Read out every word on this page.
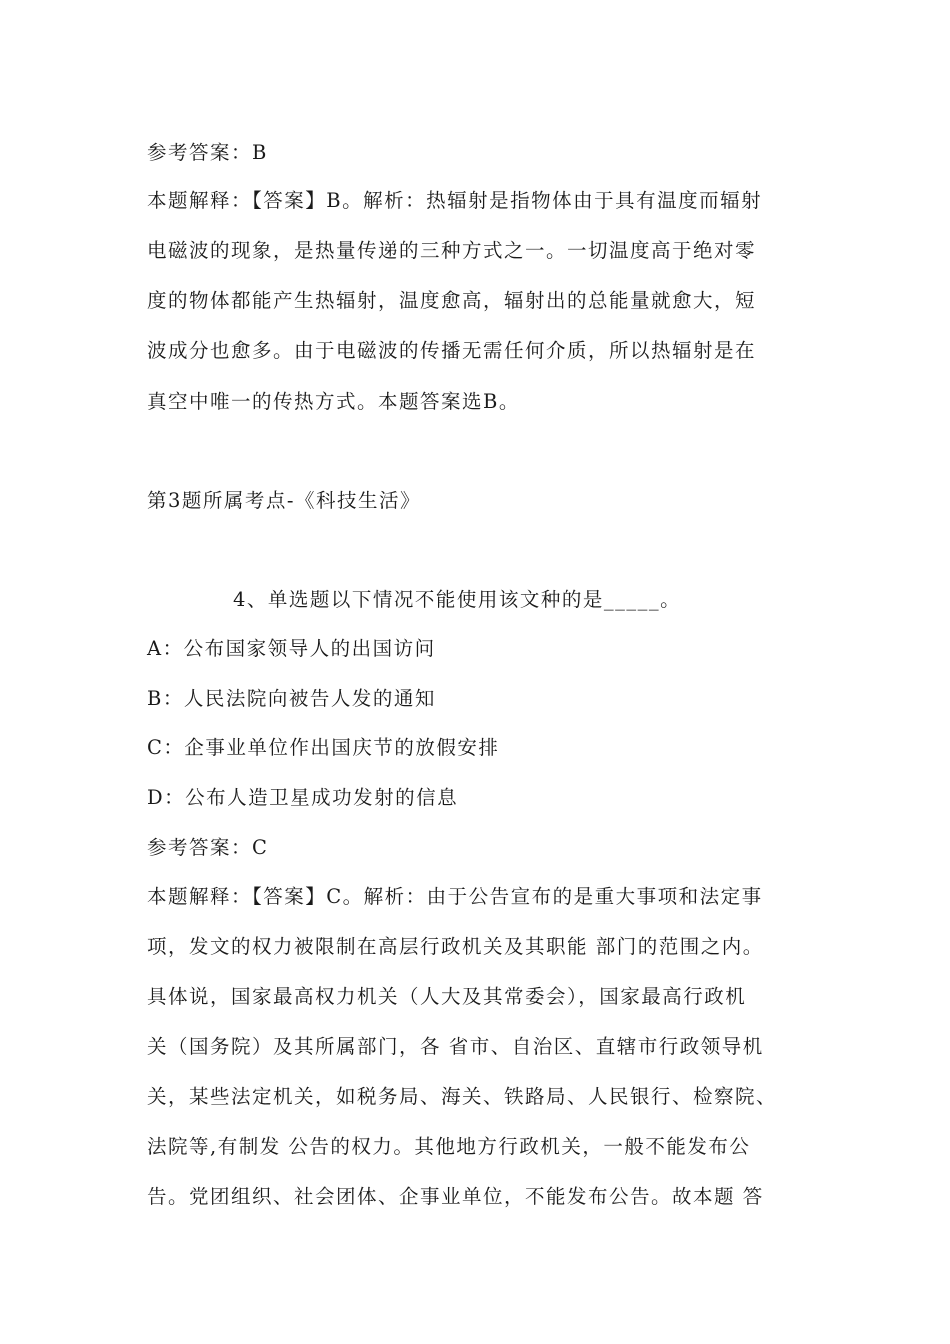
参考答案：B
本题解释：【答案】B。解析：热辐射是指物体由于具有温度而辐射
电磁波的现象，是热量传递的三种方式之一。一切温度高于绝对零
度的物体都能产生热辐射，温度愈高，辐射出的总能量就愈大，短
波成分也愈多。由于电磁波的传播无需任何介质，所以热辐射是在
真空中唯一的传热方式。本题答案选B。
第3题所属考点-《科技生活》
4、单选题以下情况不能使用该文种的是_____。
A：公布国家领导人的出国访问
B：人民法院向被告人发的通知
C：企事业单位作出国庆节的放假安排
D：公布人造卫星成功发射的信息
参考答案：C
本题解释：【答案】C。解析：由于公告宣布的是重大事项和法定事
项，发文的权力被限制在高层行政机关及其职能 部门的范围之内。
具体说，国家最高权力机关（人大及其常委会），国家最高行政机
关（国务院）及其所属部门，各 省市、自治区、直辖市行政领导机
关，某些法定机关，如税务局、海关、铁路局、人民银行、检察院、
法院等,有制发 公告的权力。其他地方行政机关，一般不能发布公
告。党团组织、社会团体、企事业单位，不能发布公告。故本题 答
